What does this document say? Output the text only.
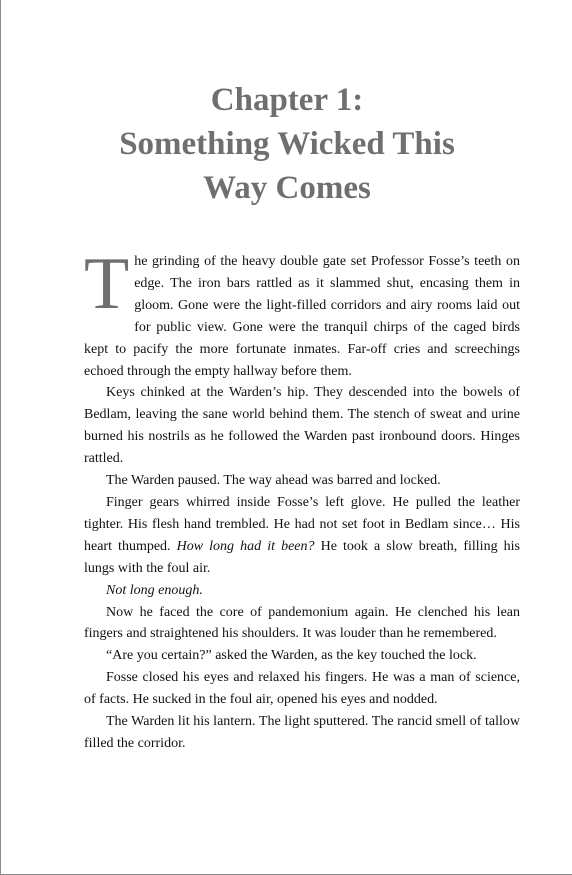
Chapter 1:
Something Wicked This
Way Comes

The grinding of the heavy double gate set Professor Fosse’s teeth on edge. The iron bars rattled as it slammed shut, encasing them in gloom. Gone were the light-filled corridors and airy rooms laid out for public view. Gone were the tranquil chirps of the caged birds kept to pacify the more fortunate inmates. Far-off cries and screechings echoed through the empty hallway before them.

Keys chinked at the Warden’s hip. They descended into the bowels of Bedlam, leaving the sane world behind them. The stench of sweat and urine burned his nostrils as he followed the Warden past ironbound doors. Hinges rattled.

The Warden paused. The way ahead was barred and locked.

Finger gears whirred inside Fosse’s left glove. He pulled the leather tighter. His flesh hand trembled. He had not set foot in Bedlam since… His heart thumped. How long had it been? He took a slow breath, filling his lungs with the foul air.

Not long enough.

Now he faced the core of pandemonium again. He clenched his lean fingers and straightened his shoulders. It was louder than he remembered.

“Are you certain?” asked the Warden, as the key touched the lock.

Fosse closed his eyes and relaxed his fingers. He was a man of science, of facts. He sucked in the foul air, opened his eyes and nodded.

The Warden lit his lantern. The light sputtered. The rancid smell of tallow filled the corridor.
